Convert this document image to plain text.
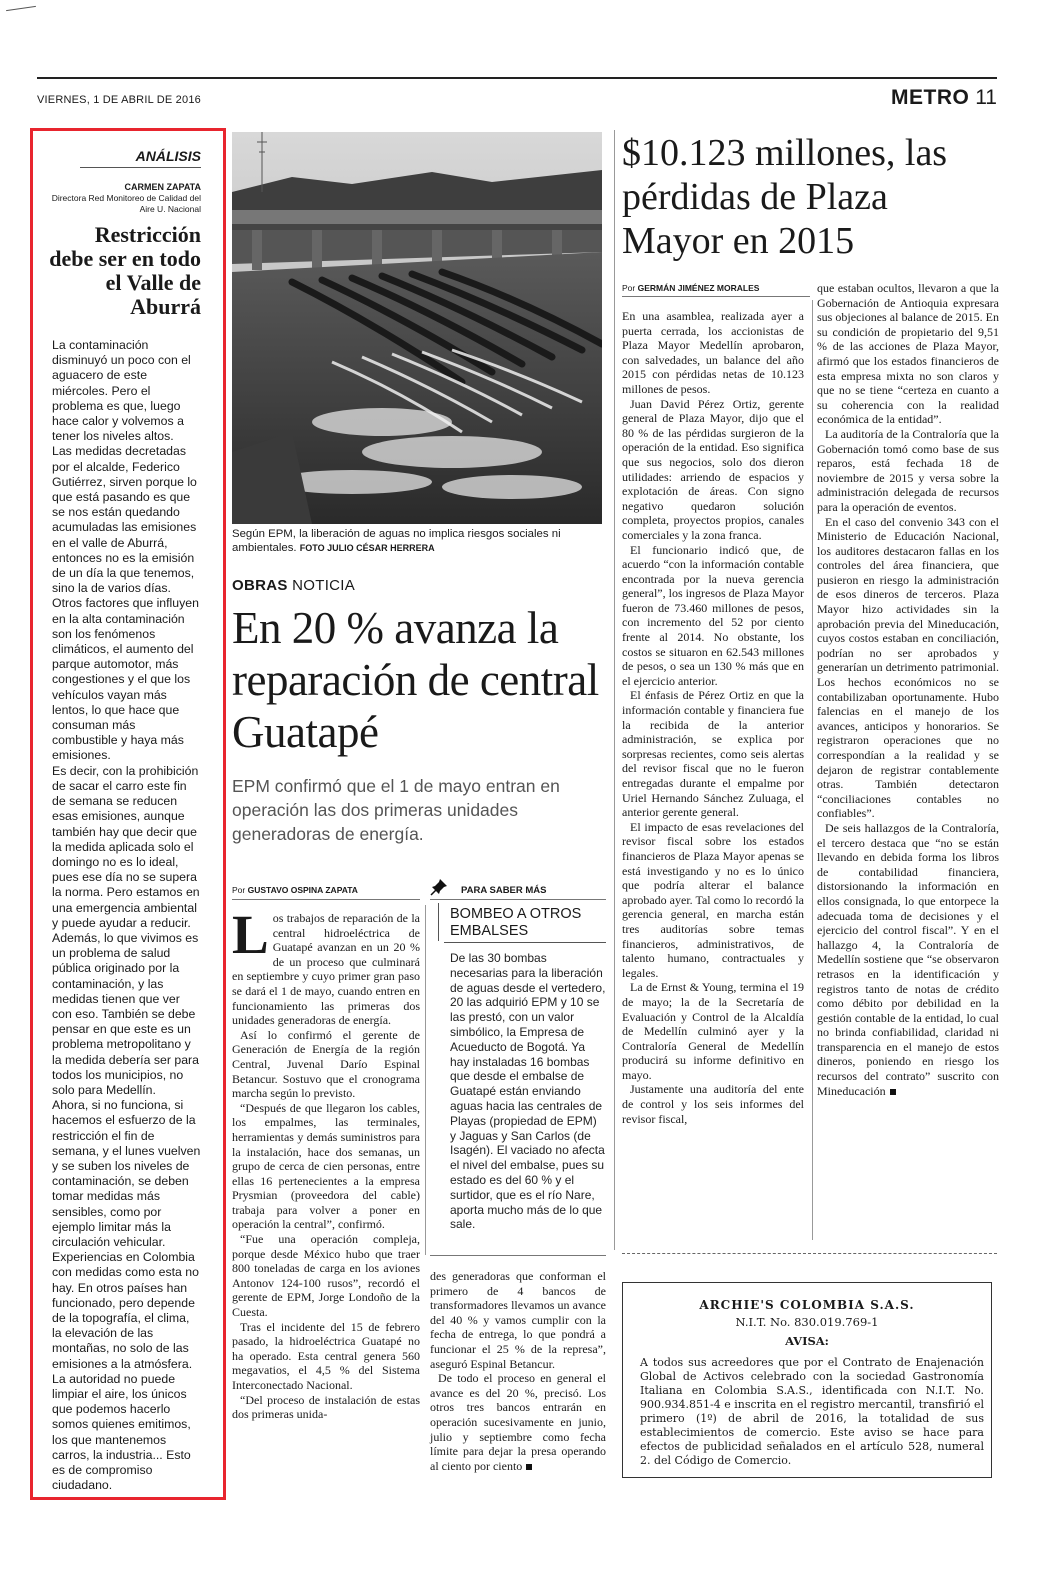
VIERNES, 1 DE ABRIL DE 2016	METRO 11
ANÁLISIS
CARMEN ZAPATA
Directora Red Monitoreo de Calidad del Aire U. Nacional
Restricción debe ser en todo el Valle de Aburrá

La contaminación disminuyó un poco con el aguacero de este miércoles. Pero el problema es que, luego hace calor y volvemos a tener los niveles altos.

Las medidas decretadas por el alcalde, Federico Gutiérrez, sirven porque lo que está pasando es que se nos están quedando acumuladas las emisiones en el valle de Aburrá, entonces no es la emisión de un día la que tenemos, sino la de varios días.

Otros factores que influyen en la alta contaminación son los fenómenos climáticos, el aumento del parque automotor, más congestiones y el que los vehículos vayan más lentos, lo que hace que consuman más combustible y haya más emisiones.

Es decir, con la prohibición de sacar el carro este fin de semana se reducen esas emisiones, aunque también hay que decir que la medida aplicada solo el domingo no es lo ideal, pues ese día no se supera la norma. Pero estamos en una emergencia ambiental y puede ayudar a reducir. Además, lo que vivimos es un problema de salud pública originado por la contaminación, y las medidas tienen que ver con eso. También se debe pensar en que este es un problema metropolitano y la medida debería ser para todos los municipios, no solo para Medellín.

Ahora, si no funciona, si hacemos el esfuerzo de la restricción el fin de semana, y el lunes vuelven y se suben los niveles de contaminación, se deben tomar medidas más sensibles, como por ejemplo limitar más la circulación vehicular. Experiencias en Colombia con medidas como esta no hay. En otros países han funcionado, pero depende de la topografía, el clima, la elevación de las montañas, no solo de las emisiones a la atmósfera.

La autoridad no puede limpiar el aire, los únicos que podemos hacerlo somos quienes emitimos, los que mantenemos carros, la industria... Esto es de compromiso ciudadano.

Según EPM, la liberación de aguas no implica riesgos sociales ni ambientales. FOTO JULIO CÉSAR HERRERA
OBRAS NOTICIA
En 20 % avanza la reparación de central Guatapé
EPM confirmó que el 1 de mayo entran en operación las dos primeras unidades generadoras de energía.
Por GUSTAVO OSPINA ZAPATA

Los trabajos de reparación de la central hidroeléctrica de Guatapé avanzan en un 20 % de un proceso que culminará en septiembre y cuyo primer gran paso se dará el 1 de mayo, cuando entren en funcionamiento las primeras dos unidades generadoras de energía.

Así lo confirmó el gerente de Generación de Energía de la región Central, Juvenal Darío Espinal Betancur. Sostuvo que el cronograma marcha según lo previsto.

“Después de que llegaron los cables, los empalmes, las terminales, herramientas y demás suministros para la instalación, hace dos semanas, un grupo de cerca de cien personas, entre ellas 16 pertenecientes a la empresa Prysmian (proveedora del cable) trabaja para volver a poner en operación la central”, confirmó.

“Fue una operación compleja, porque desde México hubo que traer 800 toneladas de carga en los aviones Antonov 124-100 rusos”, recordó el gerente de EPM, Jorge Londoño de la Cuesta.

Tras el incidente del 15 de febrero pasado, la hidroeléctrica Guatapé no ha operado. Esta central genera 560 megavatios, el 4,5 % del Sistema Interconectado Nacional.

“Del proceso de instalación de estas dos primeras unida-

des generadoras que conforman el primero de 4 bancos de transformadores llevamos un avance del 40 % y vamos cumplir con la fecha de entrega, lo que pondrá a funcionar el 25 % de la represa”, aseguró Espinal Betancur.

De todo el proceso en general el avance es del 20 %, precisó. Los otros tres bancos entrarán en operación sucesivamente en junio, julio y septiembre como fecha límite para dejar la presa operando al ciento por ciento

PARA SABER MÁS
BOMBEO A OTROS EMBALSES
De las 30 bombas necesarias para la liberación de aguas desde el vertedero, 20 las adquirió EPM y 10 se las prestó, con un valor simbólico, la Empresa de Acueducto de Bogotá. Ya hay instaladas 16 bombas que desde el embalse de Guatapé están enviando aguas hacia las centrales de Playas (propiedad de EPM) y Jaguas y San Carlos (de Isagén). El vaciado no afecta el nivel del embalse, pues su estado es del 60 % y el surtidor, que es el río Nare, aporta mucho más de lo que sale.
$10.123 millones, las pérdidas de Plaza Mayor en 2015
Por GERMÁN JIMÉNEZ MORALES

En una asamblea, realizada ayer a puerta cerrada, los accionistas de Plaza Mayor Medellín aprobaron, con salvedades, un balance del año 2015 con pérdidas netas de 10.123 millones de pesos.

Juan David Pérez Ortiz, gerente general de Plaza Mayor, dijo que el 80 % de las pérdidas surgieron de la operación de la entidad. Eso significa que sus negocios, solo dos dieron utilidades: arriendo de espacios y explotación de áreas. Con signo negativo quedaron solución completa, proyectos propios, canales comerciales y la zona franca.

El funcionario indicó que, de acuerdo “con la información contable encontrada por la nueva gerencia general”, los ingresos de Plaza Mayor fueron de 73.460 millones de pesos, con incremento del 52 por ciento frente al 2014. No obstante, los costos se situaron en 62.543 millones de pesos, o sea un 130 % más que en el ejercicio anterior.

El énfasis de Pérez Ortiz en que la información contable y financiera fue la recibida de la anterior administración, se explica por sorpresas recientes, como seis alertas del revisor fiscal que no le fueron entregadas durante el empalme por Uriel Hernando Sánchez Zuluaga, el anterior gerente general.

El impacto de esas revelaciones del revisor fiscal sobre los estados financieros de Plaza Mayor apenas se está investigando y no es lo único que podría alterar el balance aprobado ayer. Tal como lo recordó la gerencia general, en marcha están tres auditorías sobre temas financieros, administrativos, de talento humano, contractuales y legales.

La de Ernst & Young, termina el 19 de mayo; la de la Secretaría de Evaluación y Control de la Alcaldía de Medellín culminó ayer y la Contraloría General de Medellín producirá su informe definitivo en mayo.

Justamente una auditoría del ente de control y los seis informes del revisor fiscal,

que estaban ocultos, llevaron a que la Gobernación de Antioquia expresara sus objeciones al balance de 2015. En su condición de propietario del 9,51 % de las acciones de Plaza Mayor, afirmó que los estados financieros de esta empresa mixta no son claros y que no se tiene “certeza en cuanto a su coherencia con la realidad económica de la entidad”.

La auditoría de la Contraloría que la Gobernación tomó como base de sus reparos, está fechada 18 de noviembre de 2015 y versa sobre la administración delegada de recursos para la operación de eventos.

En el caso del convenio 343 con el Ministerio de Educación Nacional, los auditores destacaron fallas en los controles del área financiera, que pusieron en riesgo la administración de esos dineros de terceros. Plaza Mayor hizo actividades sin la aprobación previa del Mineducación, cuyos costos estaban en conciliación, podrían no ser aprobados y generarían un detrimento patrimonial. Los hechos económicos no se contabilizaban oportunamente. Hubo falencias en el manejo de los avances, anticipos y honorarios. Se registraron operaciones que no correspondían a la realidad y se dejaron de registrar contablemente otras. También detectaron “conciliaciones contables no confiables”.

De seis hallazgos de la Contraloría, el tercero destaca que “no se están llevando en debida forma los libros de contabilidad financiera, distorsionando la información en ellos consignada, lo que entorpece la adecuada toma de decisiones y el ejercicio del control fiscal”. Y en el hallazgo 4, la Contraloría de Medellín sostiene que “se observaron retrasos en la identificación y registros tanto de notas de crédito como débito por debilidad en la gestión contable de la entidad, lo cual no brinda confiabilidad, claridad ni transparencia en el manejo de estos dineros, poniendo en riesgo los recursos del contrato” suscrito con Mineducación

ARCHIE'S COLOMBIA S.A.S.
N.I.T. No. 830.019.769-1
AVISA:
A todos sus acreedores que por el Contrato de Enajenación Global de Activos celebrado con la sociedad Gastronomía Italiana en Colombia S.A.S., identificada con N.I.T. No. 900.934.851-4 e inscrita en el registro mercantil, transfirió el primero (1º) de abril de 2016, la totalidad de sus establecimientos de comercio. Este aviso se hace para efectos de publicidad señalados en el artículo 528, numeral 2. del Código de Comercio.
